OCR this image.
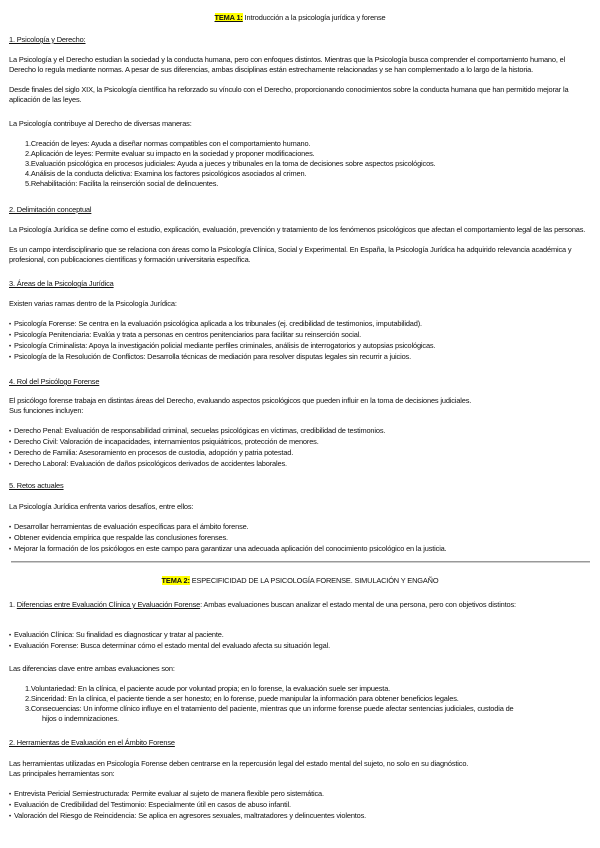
TEMA 1: Introducción a la psicología jurídica y forense
1. Psicología y Derecho:
La Psicología y el Derecho estudian la sociedad y la conducta humana, pero con enfoques distintos. Mientras que la Psicología busca comprender el comportamiento humano, el Derecho lo regula mediante normas. A pesar de sus diferencias, ambas disciplinas están estrechamente relacionadas y se han complementado a lo largo de la historia.
Desde finales del siglo XIX, la Psicología científica ha reforzado su vínculo con el Derecho, proporcionando conocimientos sobre la conducta humana que han permitido mejorar la aplicación de las leyes.
La Psicología contribuye al Derecho de diversas maneras:
1.Creación de leyes: Ayuda a diseñar normas compatibles con el comportamiento humano.
2.Aplicación de leyes: Permite evaluar su impacto en la sociedad y proponer modificaciones.
3.Evaluación psicológica en procesos judiciales: Ayuda a jueces y tribunales en la toma de decisiones sobre aspectos psicológicos.
4.Análisis de la conducta delictiva: Examina los factores psicológicos asociados al crimen.
5.Rehabilitación: Facilita la reinserción social de delincuentes.
2. Delimitación conceptual
La Psicología Jurídica se define como el estudio, explicación, evaluación, prevención y tratamiento de los fenómenos psicológicos que afectan el comportamiento legal de las personas.
Es un campo interdisciplinario que se relaciona con áreas como la Psicología Clínica, Social y Experimental. En España, la Psicología Jurídica ha adquirido relevancia académica y profesional, con publicaciones científicas y formación universitaria específica.
3. Áreas de la Psicología Jurídica
Existen varias ramas dentro de la Psicología Jurídica:
• Psicología Forense: Se centra en la evaluación psicológica aplicada a los tribunales (ej. credibilidad de testimonios, imputabilidad).
• Psicología Penitenciaria: Evalúa y trata a personas en centros penitenciarios para facilitar su reinserción social.
• Psicología Criminalista: Apoya la investigación policial mediante perfiles criminales, análisis de interrogatorios y autopsias psicológicas.
• Psicología de la Resolución de Conflictos: Desarrolla técnicas de mediación para resolver disputas legales sin recurrir a juicios.
4. Rol del Psicólogo Forense
El psicólogo forense trabaja en distintas áreas del Derecho, evaluando aspectos psicológicos que pueden influir en la toma de decisiones judiciales.
Sus funciones incluyen:
• Derecho Penal: Evaluación de responsabilidad criminal, secuelas psicológicas en víctimas, credibilidad de testimonios.
• Derecho Civil: Valoración de incapacidades, internamientos psiquiátricos, protección de menores.
• Derecho de Familia: Asesoramiento en procesos de custodia, adopción y patria potestad.
• Derecho Laboral: Evaluación de daños psicológicos derivados de accidentes laborales.
5. Retos actuales
La Psicología Jurídica enfrenta varios desafíos, entre ellos:
• Desarrollar herramientas de evaluación específicas para el ámbito forense.
• Obtener evidencia empírica que respalde las conclusiones forenses.
• Mejorar la formación de los psicólogos en este campo para garantizar una adecuada aplicación del conocimiento psicológico en la justicia.
TEMA 2: ESPECIFICIDAD DE LA PSICOLOGÍA FORENSE. SIMULACIÓN Y ENGAÑO
1. Diferencias entre Evaluación Clínica y Evaluación Forense: Ambas evaluaciones buscan analizar el estado mental de una persona, pero con objetivos distintos:
• Evaluación Clínica: Su finalidad es diagnosticar y tratar al paciente.
• Evaluación Forense: Busca determinar cómo el estado mental del evaluado afecta su situación legal.
Las diferencias clave entre ambas evaluaciones son:
1.Voluntariedad: En la clínica, el paciente acude por voluntad propia; en lo forense, la evaluación suele ser impuesta.
2.Sinceridad: En la clínica, el paciente tiende a ser honesto; en lo forense, puede manipular la información para obtener beneficios legales.
3.Consecuencias: Un informe clínico influye en el tratamiento del paciente, mientras que un informe forense puede afectar sentencias judiciales, custodia de
hijos o indemnizaciones.
2. Herramientas de Evaluación en el Ámbito Forense
Las herramientas utilizadas en Psicología Forense deben centrarse en la repercusión legal del estado mental del sujeto, no solo en su diagnóstico.
Las principales herramientas son:
• Entrevista Pericial Semiestructurada: Permite evaluar al sujeto de manera flexible pero sistemática.
• Evaluación de Credibilidad del Testimonio: Especialmente útil en casos de abuso infantil.
• Valoración del Riesgo de Reincidencia: Se aplica en agresores sexuales, maltratadores y delincuentes violentos.
